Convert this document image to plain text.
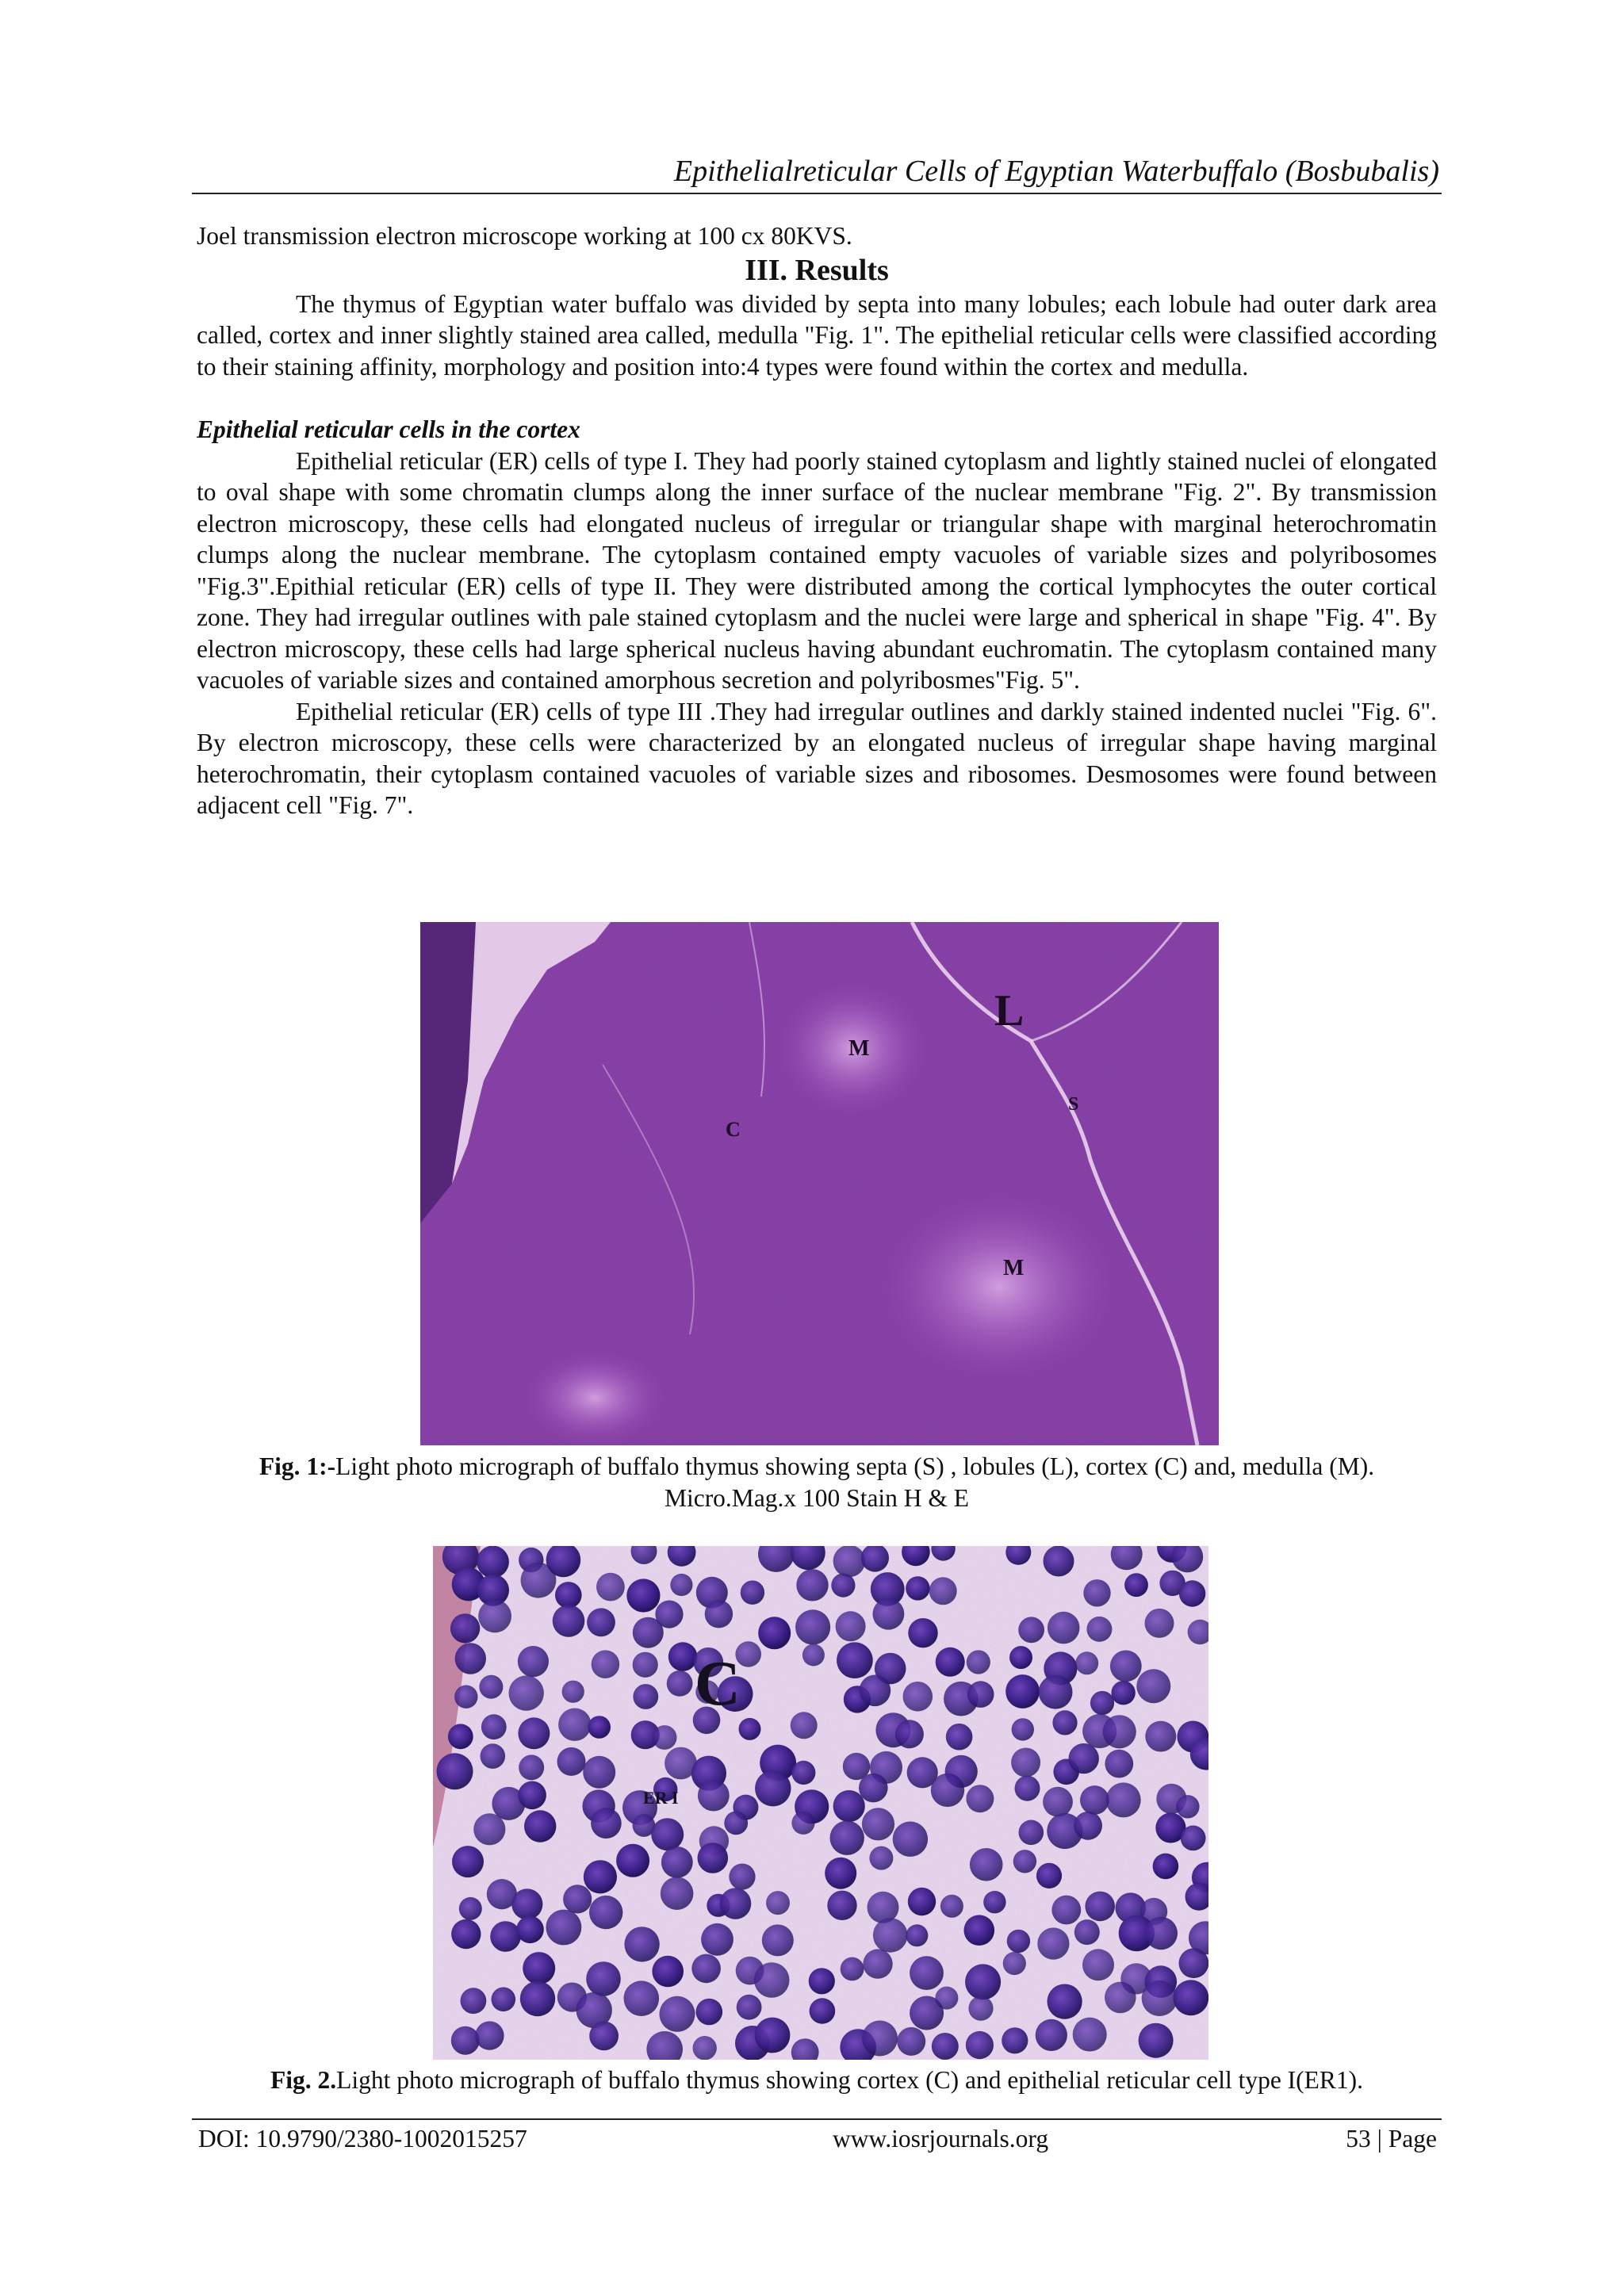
Epithelialreticular Cells of Egyptian Waterbuffalo (Bosbubalis)

Joel transmission electron microscope working at 100 cx 80KVS.

III. Results

The thymus of Egyptian water buffalo was divided by septa into many lobules; each lobule had outer dark area called, cortex and inner slightly stained area called, medulla "Fig. 1". The epithelial reticular cells were classified according to their staining affinity, morphology and position into:4 types were found within the cortex and medulla.

Epithelial reticular cells in the cortex

Epithelial reticular (ER) cells of type I. They had poorly stained cytoplasm and lightly stained nuclei of elongated to oval shape with some chromatin clumps along the inner surface of the nuclear membrane "Fig. 2". By transmission electron microscopy, these cells had elongated nucleus of irregular or triangular shape with marginal heterochromatin clumps along the nuclear membrane. The cytoplasm contained empty vacuoles of variable sizes and polyribosomes "Fig.3".Epithial reticular (ER) cells of type II. They were distributed among the cortical lymphocytes the outer cortical zone. They had irregular outlines with pale stained cytoplasm and the nuclei were large and spherical in shape "Fig. 4". By electron microscopy, these cells had large spherical nucleus having abundant euchromatin. The cytoplasm contained many vacuoles of variable sizes and contained amorphous secretion and polyribosmes"Fig. 5".

Epithelial reticular (ER) cells of type III .They had irregular outlines and darkly stained indented nuclei "Fig. 6". By electron microscopy, these cells were characterized by an elongated nucleus of irregular shape having marginal heterochromatin, their cytoplasm contained vacuoles of variable sizes and ribosomes. Desmosomes were found between adjacent cell "Fig. 7".

L
M
S
C
M
Fig. 1:-Light photo micrograph of buffalo thymus showing septa (S) , lobules (L), cortex (C) and, medulla (M).
Micro.Mag.x 100 Stain H & E
C
ER I
Fig. 2.Light photo micrograph of buffalo thymus showing cortex (C) and epithelial reticular cell type I(ER1).
DOI: 10.9790/2380-1002015257	www.iosrjournals.org	53 | Page
